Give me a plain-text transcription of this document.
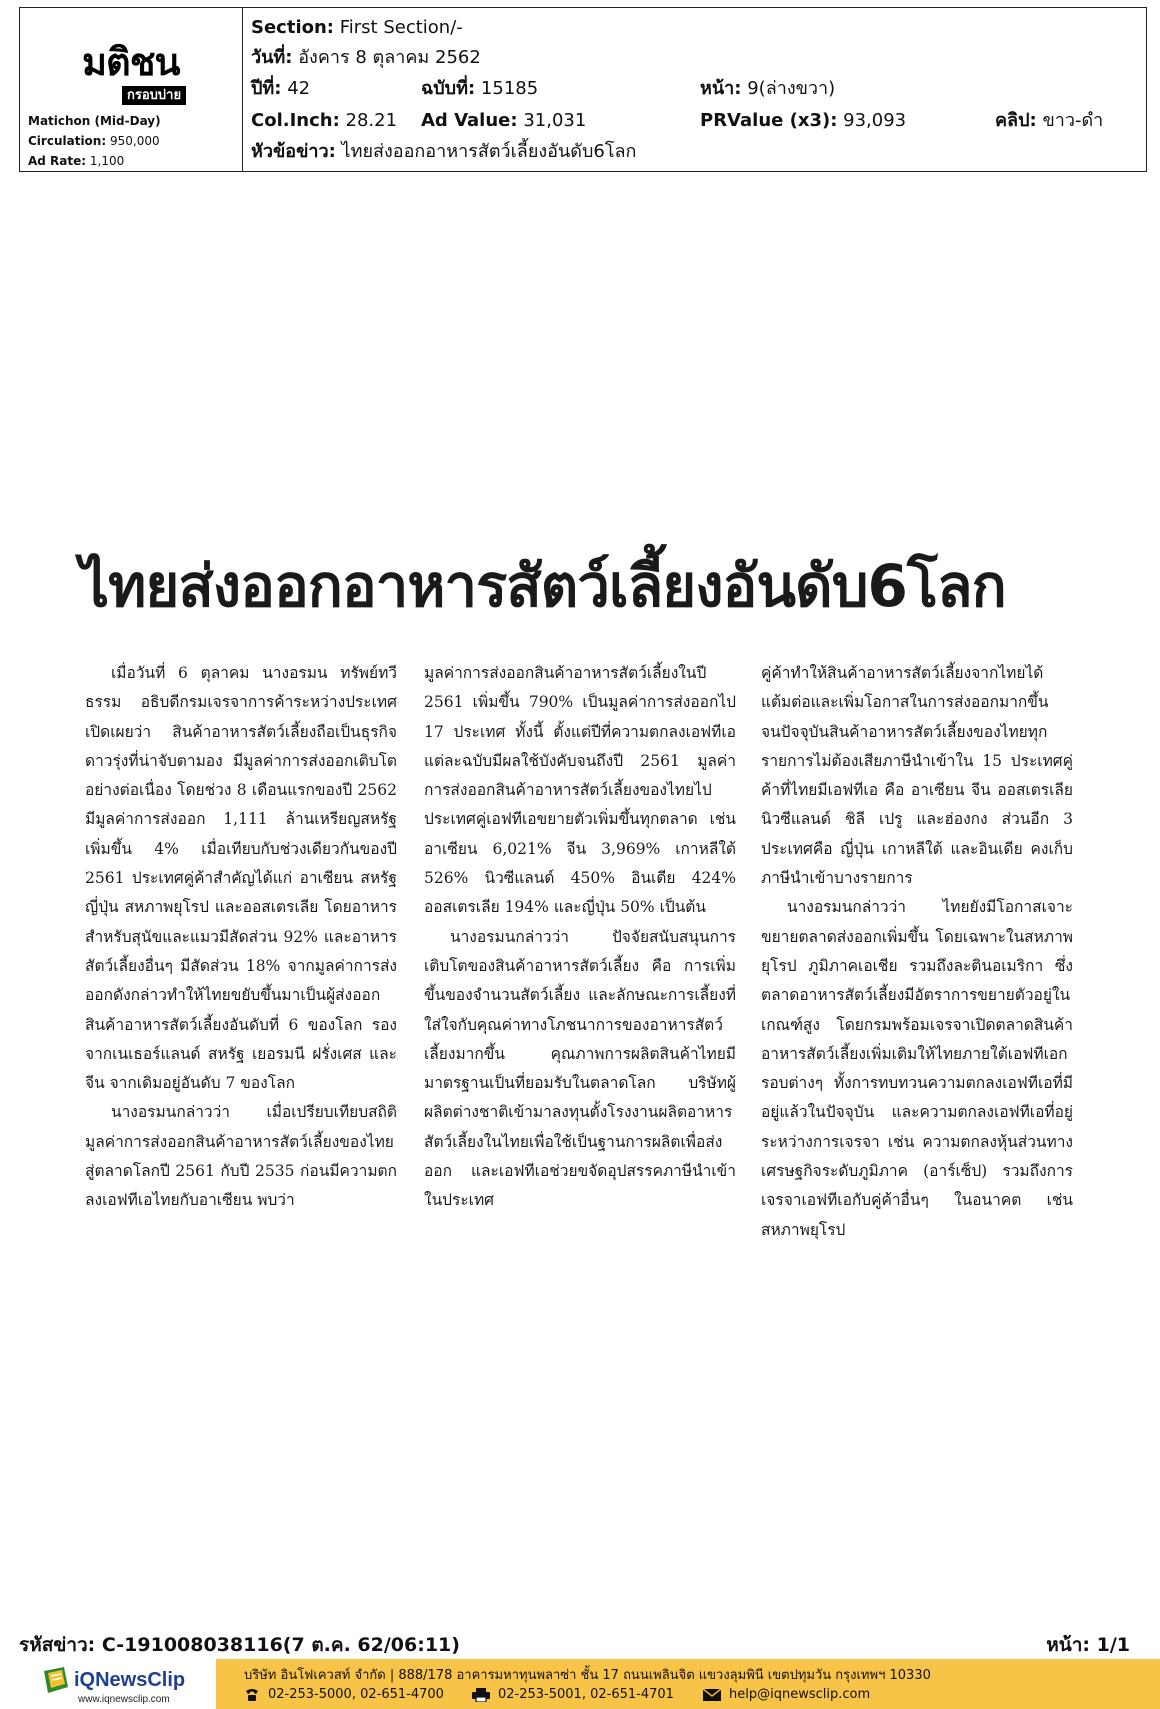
มติชน
กรอบบ่าย
Matichon (Mid-Day)
Circulation: 950,000
Ad Rate: 1,100
Section: First Section/-
วันที่: อังคาร 8 ตุลาคม 2562
ปีที่: 42	ฉบับที่: 15185	หน้า: 9(ล่างขวา)
Col.Inch: 28.21 Ad Value: 31,031	PRValue (x3): 93,093	คลิป: ขาว-ดำ
หัวข้อข่าว: ไทยส่งออกอาหารสัตว์เลี้ยงอันดับ6โลก
ไทยส่งออกอาหารสัตว์เลี้ยงอันดับ6โลก

เมื่อวันที่ 6 ตุลาคม นางอรมน ทรัพย์ทวีธรรม อธิบดีกรมเจรจาการค้าระหว่างประเทศ เปิดเผยว่า สินค้าอาหารสัตว์เลี้ยงถือเป็นธุรกิจดาวรุ่งที่น่าจับตามอง มีมูลค่าการส่งออกเติบโตอย่างต่อเนื่อง โดยช่วง 8 เดือนแรกของปี 2562 มีมูลค่าการส่งออก 1,111 ล้านเหรียญสหรัฐ เพิ่มขึ้น 4% เมื่อเทียบกับช่วงเดียวกันของปี 2561 ประเทศคู่ค้าสำคัญได้แก่ อาเซียน สหรัฐ ญี่ปุ่น สหภาพยุโรป และออสเตรเลีย โดยอาหารสำหรับสุนัขและแมวมีสัดส่วน 92% และอาหารสัตว์เลี้ยงอื่นๆ มีสัดส่วน 18% จากมูลค่าการส่งออกดังกล่าวทำให้ไทยขยับขึ้นมาเป็นผู้ส่งออกสินค้าอาหารสัตว์เลี้ยงอันดับที่ 6 ของโลก รองจากเนเธอร์แลนด์ สหรัฐ เยอรมนี ฝรั่งเศส และจีน จากเดิมอยู่อันดับ 7 ของโลก

นางอรมนกล่าวว่า เมื่อเปรียบเทียบสถิติมูลค่าการส่งออกสินค้าอาหารสัตว์เลี้ยงของไทยสู่ตลาดโลกปี 2561 กับปี 2535 ก่อนมีความตกลงเอฟทีเอไทยกับอาเซียน พบว่า

มูลค่าการส่งออกสินค้าอาหารสัตว์เลี้ยงในปี 2561 เพิ่มขึ้น 790% เป็นมูลค่าการส่งออกไป 17 ประเทศ ทั้งนี้ ตั้งแต่ปีที่ความตกลงเอฟทีเอแต่ละฉบับมีผลใช้บังคับจนถึงปี 2561 มูลค่าการส่งออกสินค้าอาหารสัตว์เลี้ยงของไทยไปประเทศคู่เอฟทีเอขยายตัวเพิ่มขึ้นทุกตลาด เช่น อาเซียน 6,021% จีน 3,969% เกาหลีใต้ 526% นิวซีแลนด์ 450% อินเดีย 424% ออสเตรเลีย 194% และญี่ปุ่น 50% เป็นต้น

นางอรมนกล่าวว่า ปัจจัยสนับสนุนการเติบโตของสินค้าอาหารสัตว์เลี้ยง คือ การเพิ่มขึ้นของจำนวนสัตว์เลี้ยง และลักษณะการเลี้ยงที่ใส่ใจกับคุณค่าทางโภชนาการของอาหารสัตว์เลี้ยงมากขึ้น คุณภาพการผลิตสินค้าไทยมีมาตรฐานเป็นที่ยอมรับในตลาดโลก บริษัทผู้ผลิตต่างชาติเข้ามาลงทุนตั้งโรงงานผลิตอาหารสัตว์เลี้ยงในไทยเพื่อใช้เป็นฐานการผลิตเพื่อส่งออก และเอฟทีเอช่วยขจัดอุปสรรคภาษีนำเข้าในประเทศ

คู่ค้าทำให้สินค้าอาหารสัตว์เลี้ยงจากไทยได้แต้มต่อและเพิ่มโอกาสในการส่งออกมากขึ้น จนปัจจุบันสินค้าอาหารสัตว์เลี้ยงของไทยทุกรายการไม่ต้องเสียภาษีนำเข้าใน 15 ประเทศคู่ค้าที่ไทยมีเอฟทีเอ คือ อาเซียน จีน ออสเตรเลีย นิวซีแลนด์ ชิลี เปรู และฮ่องกง ส่วนอีก 3 ประเทศคือ ญี่ปุ่น เกาหลีใต้ และอินเดีย คงเก็บภาษีนำเข้าบางรายการ

นางอรมนกล่าวว่า ไทยยังมีโอกาสเจาะขยายตลาดส่งออกเพิ่มขึ้น โดยเฉพาะในสหภาพยุโรป ภูมิภาคเอเชีย รวมถึงละตินอเมริกา ซึ่งตลาดอาหารสัตว์เลี้ยงมีอัตราการขยายตัวอยู่ในเกณฑ์สูง โดยกรมพร้อมเจรจาเปิดตลาดสินค้าอาหารสัตว์เลี้ยงเพิ่มเติมให้ไทยภายใต้เอฟทีเอกรอบต่างๆ ทั้งการทบทวนความตกลงเอฟทีเอที่มีอยู่แล้วในปัจจุบัน และความตกลงเอฟทีเอที่อยู่ระหว่างการเจรจา เช่น ความตกลงหุ้นส่วนทางเศรษฐกิจระดับภูมิภาค (อาร์เซ็ป) รวมถึงการเจรจาเอฟทีเอกับคู่ค้าอื่นๆ ในอนาคต เช่น สหภาพยุโรป

รหัสข่าว: C-191008038116(7 ต.ค. 62/06:11)	หน้า: 1/1
iQNewsClip
www.iqnewsclip.com
บริษัท อินโฟเควสท์ จำกัด | 888/178 อาคารมหาทุนพลาซ่า ชั้น 17 ถนนเพลินจิต แขวงลุมพินี เขตปทุมวัน กรุงเทพฯ 10330
02-253-5000, 02-651-4700	02-253-5001, 02-651-4701	help@iqnewsclip.com
